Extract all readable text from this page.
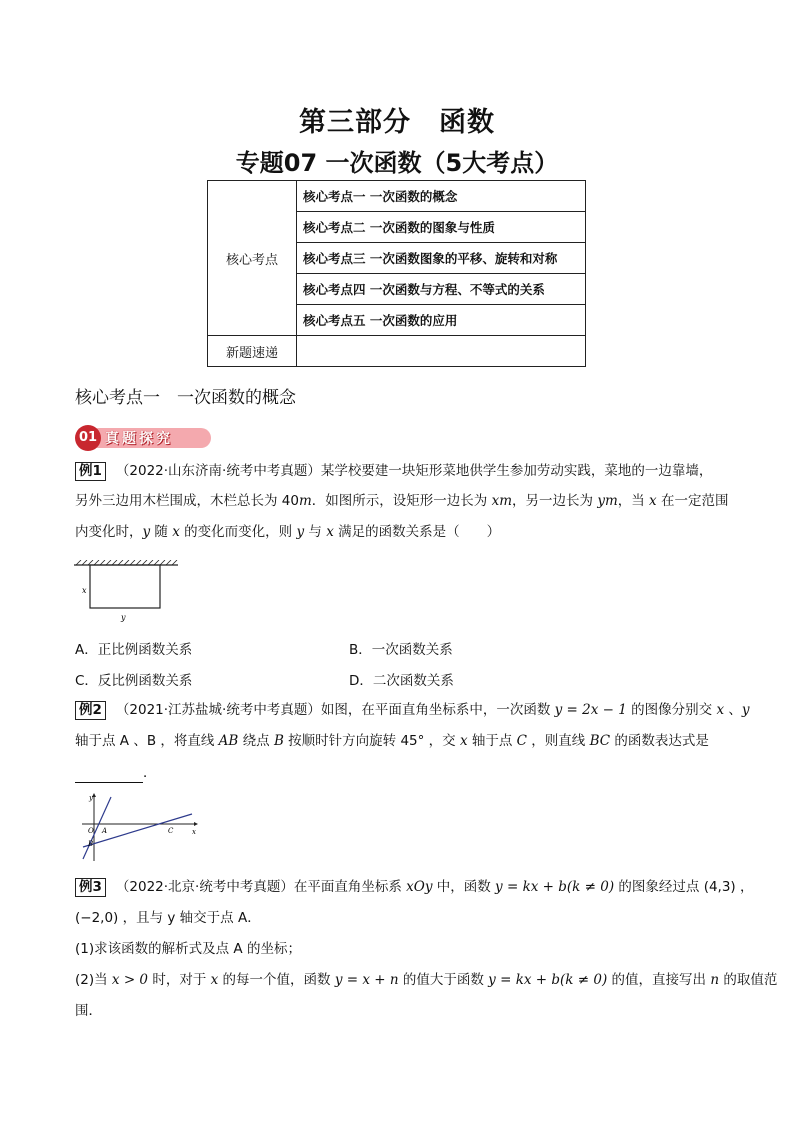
第三部分　函数
专题07 一次函数（5大考点）
核心考点	核心考点一 一次函数的概念
	核心考点二 一次函数的图象与性质
	核心考点三 一次函数图象的平移、旋转和对称
	核心考点四 一次函数与方程、不等式的关系
	核心考点五 一次函数的应用
新题速递	
核心考点一　一次函数的概念
01 真题探究
例1 （2022·山东济南·统考中考真题）某学校要建一块矩形菜地供学生参加劳动实践，菜地的一边靠墙，
另外三边用木栏围成，木栏总长为 40m．如图所示，设矩形一边长为 xm，另一边长为 ym，当 x 在一定范围
内变化时，y 随 x 的变化而变化，则 y 与 x 满足的函数关系是（　　）
x
y
A．正比例函数关系	B．一次函数关系
C．反比例函数关系	D．二次函数关系
例2 （2021·江苏盐城·统考中考真题）如图，在平面直角坐标系中，一次函数 y = 2x − 1 的图像分别交 x 、y
轴于点 A 、B ，将直线 AB 绕点 B 按顺时针方向旋转 45° ，交 x 轴于点 C ，则直线 BC 的函数表达式是
．
y
x
O A	C
B
例3 （2022·北京·统考中考真题）在平面直角坐标系 xOy 中，函数 y = kx + b(k ≠ 0) 的图象经过点 (4,3) ，
(−2,0) ，且与 y 轴交于点 A．
(1)求该函数的解析式及点 A 的坐标；
(2)当 x > 0 时，对于 x 的每一个值，函数 y = x + n 的值大于函数 y = kx + b(k ≠ 0) 的值，直接写出 n 的取值范
围．
